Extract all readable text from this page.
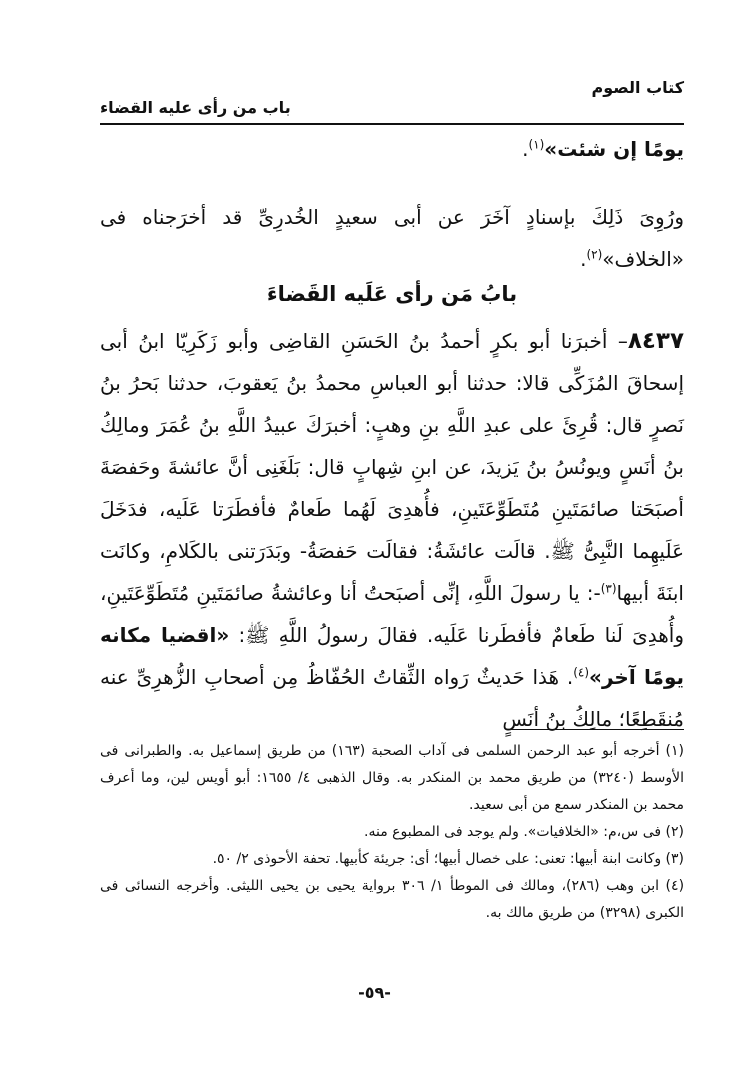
كتاب الصوم
باب من رأى عليه القضاء

يومًا إن شئت»$^{(١)}$.

ورُوِىَ ذَلِكَ بإسنادٍ آخَرَ عن أبى سعيدٍ الخُدرِىِّ قد أخرَجناه فى «الخلاف»$^{(٢)}$.

بابُ مَن رأى عَلَيه القَضاءَ

٨٤٣٧– أخبرَنا أبو بكرٍ أحمدُ بنُ الحَسَنِ القاضِى وأبو زَكَرِيّا ابنُ أبى إسحاقَ المُزَكِّى قالا: حدثنا أبو العباسِ محمدُ بنُ يَعقوبَ، حدثنا بَحرُ بنُ نَصرٍ قال: قُرِئَ على عبدِ اللَّهِ بنِ وهبٍ: أخبرَكَ عبيدُ اللَّهِ بنُ عُمَرَ ومالِكُ بنُ أنَسٍ ويونُسُ بنُ يَزيدَ، عن ابنِ شِهابٍ قال: بَلَغَنِى أنَّ عائشةَ وحَفصَةَ أصبَحَتا صائمَتَينِ مُتَطَوِّعَتَينِ، فأُهدِىَ لَهُما طَعامٌ فأفطَرَتا عَلَيه، فدَخَلَ عَلَيهِما النَّبِىُّ ﷺ. قالَت عائشَةُ: فقالَت حَفصَةُ- وبَدَرَتنى بالكَلامِ، وكانَت ابنَةَ أبيها$^{(٣)}$-: يا رسولَ اللَّهِ، إنِّى أصبَحتُ أنا وعائشةُ صائمَتَينِ مُتَطَوِّعَتَينِ، وأُهدِىَ لَنا طَعامٌ فأفطَرنا عَلَيه. فقالَ رسولُ اللَّهِ ﷺ: «اقضيا مكانه يومًا آخر»$^{(٤)}$. هَذا حَديثٌ رَواه الثِّقاتُ الحُفّاظُ مِن أصحابِ الزُّهرِىِّ عنه مُنقَطِعًا؛ مالِكُ بنُ أنَسٍ

(١) أخرجه أبو عبد الرحمن السلمى فى آداب الصحبة (١٦٣) من طريق إسماعيل به. والطبرانى فى الأوسط (٣٢٤٠) من طريق محمد بن المنكدر به. وقال الذهبى ٤/ ١٦٥٥: أبو أويس لين، وما أعرف محمد بن المنكدر سمع من أبى سعيد.

(٢) فى س،م: «الخلافيات». ولم يوجد فى المطبوع منه.

(٣) وكانت ابنة أبيها: تعنى: على خصال أبيها؛ أى: جريئة كأبيها. تحفة الأحوذى ٢/ ٥٠.

(٤) ابن وهب (٢٨٦)، ومالك فى الموطأ ١/ ٣٠٦ برواية يحيى بن يحيى الليثى. وأخرجه النسائى فى الكبرى (٣٢٩٨) من طريق مالك به.

-٥٩-
